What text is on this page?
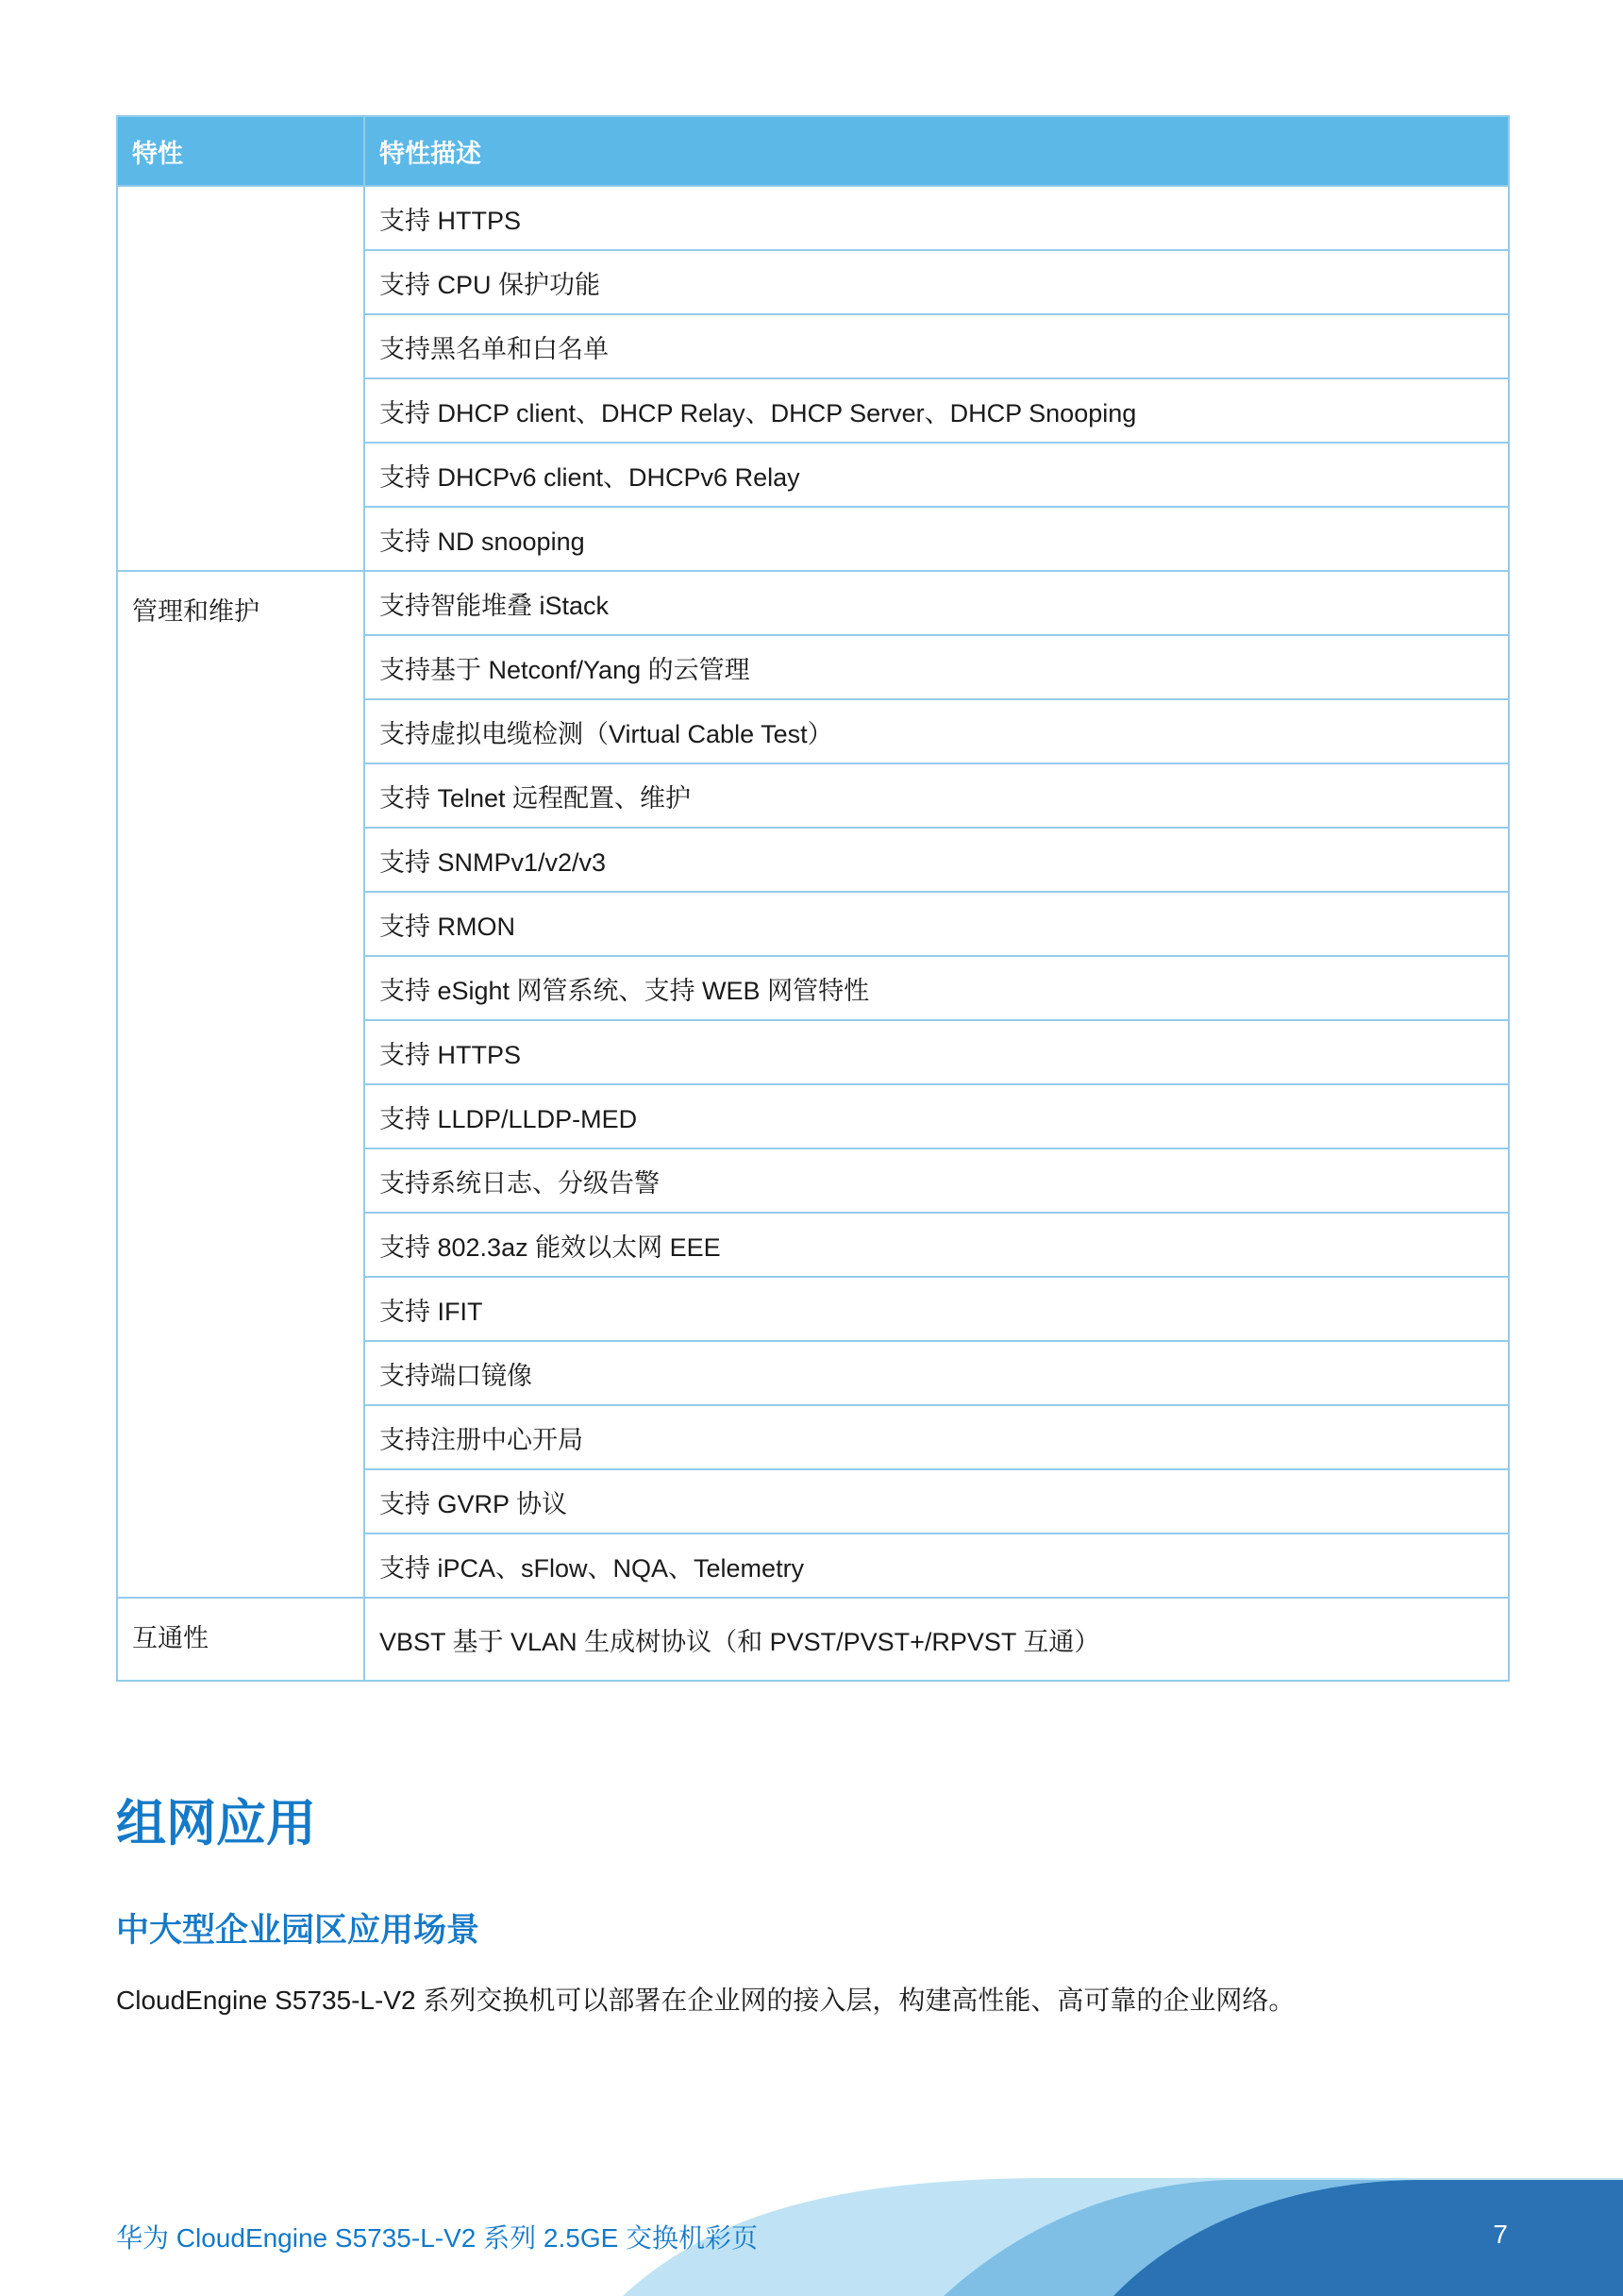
特性	特性描述
	支持 HTTPS
	支持 CPU 保护功能
	支持黑名单和白名单
	支持 DHCP client、DHCP Relay、DHCP Server、DHCP Snooping
	支持 DHCPv6 client、DHCPv6 Relay
	支持 ND snooping
管理和维护	支持智能堆叠 iStack
	支持基于 Netconf/Yang 的云管理
	支持虚拟电缆检测（Virtual Cable Test）
	支持 Telnet 远程配置、维护
	支持 SNMPv1/v2/v3
	支持 RMON
	支持 eSight 网管系统、支持 WEB 网管特性
	支持 HTTPS
	支持 LLDP/LLDP-MED
	支持系统日志、分级告警
	支持 802.3az 能效以太网 EEE
	支持 IFIT
	支持端口镜像
	支持注册中心开局
	支持 GVRP 协议
	支持 iPCA、sFlow、NQA、Telemetry
互通性	VBST 基于 VLAN 生成树协议（和 PVST/PVST+/RPVST 互通）
组网应用
中大型企业园区应用场景

CloudEngine S5735-L-V2 系列交换机可以部署在企业网的接入层，构建高性能、高可靠的企业网络。

华为 CloudEngine S5735-L-V2 系列 2.5GE 交换机彩页	7
